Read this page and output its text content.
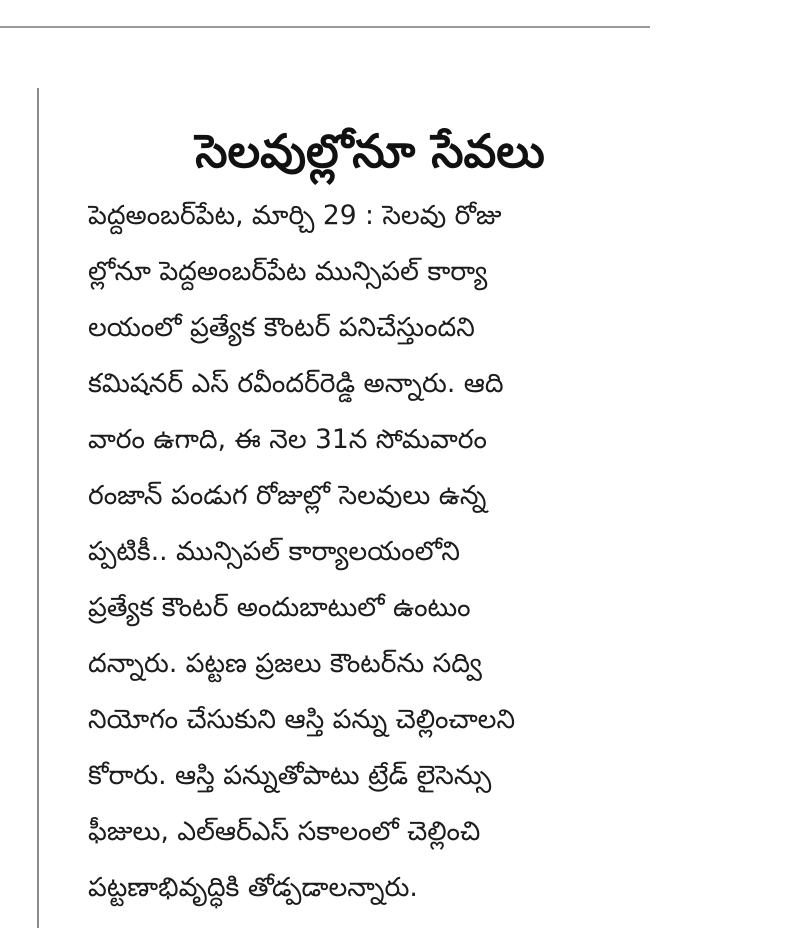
సెలవుల్లోనూ సేవలు
పెద్దఅంబర్‌పేట, మార్చి 29 : సెలవు రోజు
ల్లోనూ పెద్దఅంబర్‌పేట మున్సిపల్ కార్యా
లయంలో ప్రత్యేక కౌంటర్ పనిచేస్తుందని
కమిషనర్ ఎస్ రవీందర్‌రెడ్డి అన్నారు. ఆది
వారం ఉగాది, ఈ నెల 31న సోమవారం
రంజాన్ పండుగ రోజుల్లో సెలవులు ఉన్న
ప్పటికీ.. మున్సిపల్ కార్యాలయంలోని
ప్రత్యేక కౌంటర్ అందుబాటులో ఉంటుం
దన్నారు. పట్టణ ప్రజలు కౌంటర్‌ను సద్వి
నియోగం చేసుకుని ఆస్తి పన్ను చెల్లించాలని
కోరారు. ఆస్తి పన్నుతోపాటు ట్రేడ్ లైసెన్సు
ఫీజులు, ఎల్ఆర్ఎస్ సకాలంలో చెల్లించి
పట్టణాభివృద్ధికి తోడ్పడాలన్నారు.
